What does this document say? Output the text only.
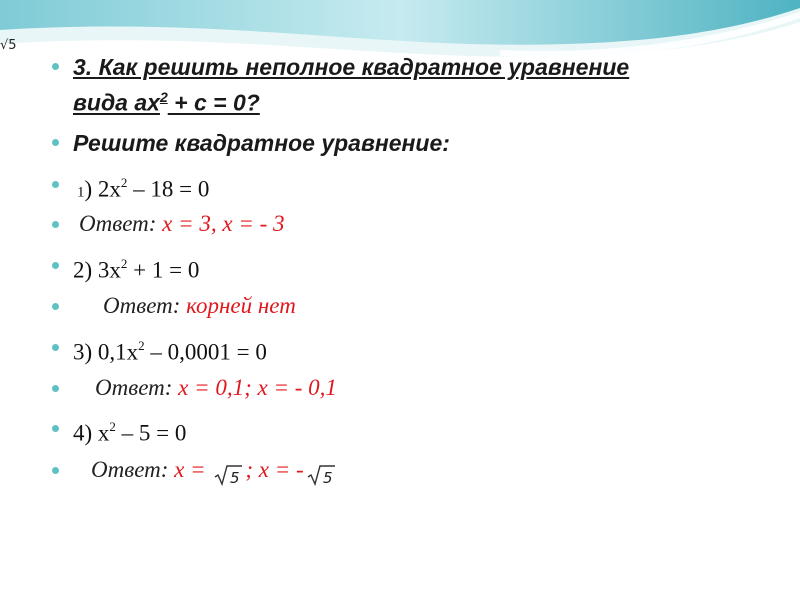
√5
3. Как решить неполное квадратное уравнение
вида $ах^2 + с = 0$?
Решите квадратное уравнение:
1) $2х^2 - 18 = 0$
Ответ: х = 3, х = - 3
2) $3х^2 + 1 = 0$
Ответ: корней нет
3) $0,1х^2 - 0,0001 = 0$
Ответ: х = 0,1; х = - 0,1
4) $х^2 - 5 = 0$
Ответ: х = 5 ; х = - 5
